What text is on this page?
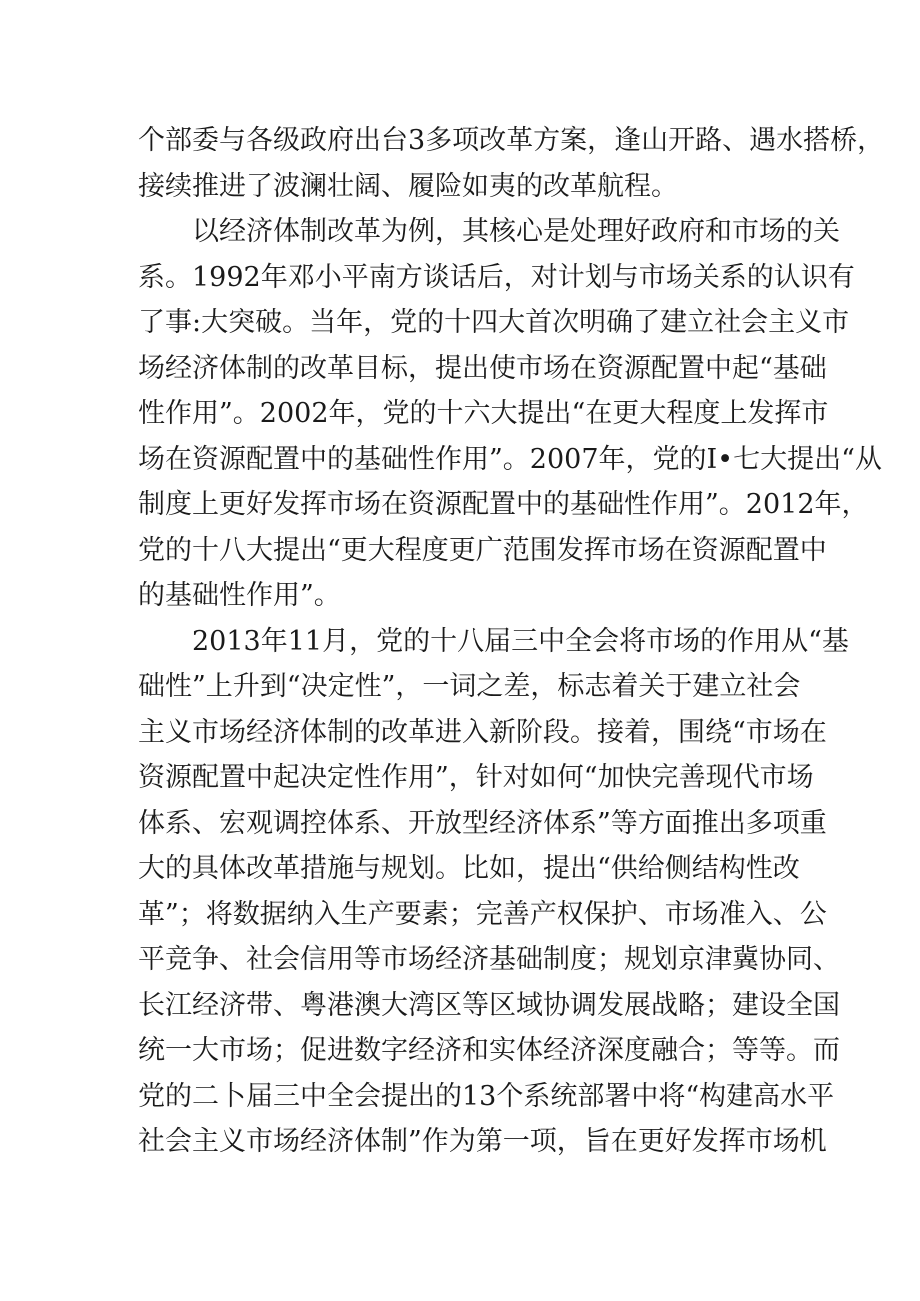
个部委与各级政府出台3多项改革方案，逢山开路、遇水搭桥，
接续推进了波澜壮阔、履险如夷的改革航程。
以经济体制改革为例，其核心是处理好政府和市场的关
系。1992年邓小平南方谈话后，对计划与市场关系的认识有
了事:大突破。当年，党的十四大首次明确了建立社会主义市
场经济体制的改革目标，提出使市场在资源配置中起“基础
性作用”。2002年，党的十六大提出“在更大程度上发挥市
场在资源配置中的基础性作用”。2007年，党的I•七大提出“从
制度上更好发挥市场在资源配置中的基础性作用”。2012年，
党的十八大提出“更大程度更广范围发挥市场在资源配置中
的基础性作用”。
2013年11月，党的十八届三中全会将市场的作用从“基
础性”上升到“决定性”，一词之差，标志着关于建立社会
主义市场经济体制的改革进入新阶段。接着，围绕“市场在
资源配置中起决定性作用”，针对如何“加快完善现代市场
体系、宏观调控体系、开放型经济体系”等方面推出多项重
大的具体改革措施与规划。比如，提出“供给侧结构性改
革”；将数据纳入生产要素；完善产权保护、市场准入、公
平竞争、社会信用等市场经济基础制度；规划京津冀协同、
长江经济带、粤港澳大湾区等区域协调发展战略；建设全国
统一大市场；促进数字经济和实体经济深度融合；等等。而
党的二卜届三中全会提出的13个系统部署中将“构建高水平
社会主义市场经济体制”作为第一项，旨在更好发挥市场机
